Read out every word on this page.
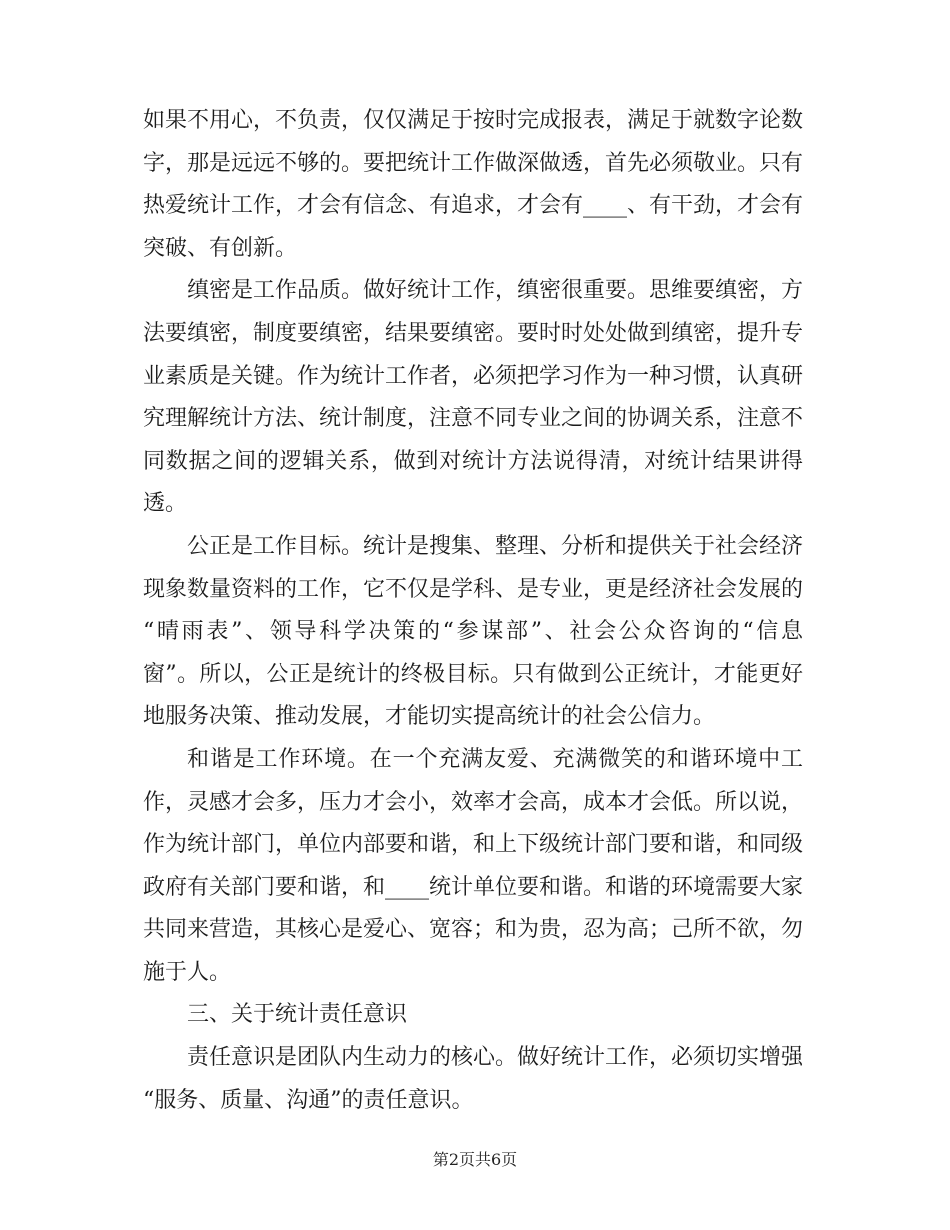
如果不用心，不负责，仅仅满足于按时完成报表，满足于就数字论数
字，那是远远不够的。要把统计工作做深做透，首先必须敬业。只有
热爱统计工作，才会有信念、有追求，才会有____、有干劲，才会有
突破、有创新。
缜密是工作品质。做好统计工作，缜密很重要。思维要缜密，方
法要缜密，制度要缜密，结果要缜密。要时时处处做到缜密，提升专
业素质是关键。作为统计工作者，必须把学习作为一种习惯，认真研
究理解统计方法、统计制度，注意不同专业之间的协调关系，注意不
同数据之间的逻辑关系，做到对统计方法说得清，对统计结果讲得
透。
公正是工作目标。统计是搜集、整理、分析和提供关于社会经济
现象数量资料的工作，它不仅是学科、是专业，更是经济社会发展的
“晴雨表”、领导科学决策的“参谋部”、社会公众咨询的“信息
窗”。所以，公正是统计的终极目标。只有做到公正统计，才能更好
地服务决策、推动发展，才能切实提高统计的社会公信力。
和谐是工作环境。在一个充满友爱、充满微笑的和谐环境中工
作，灵感才会多，压力才会小，效率才会高，成本才会低。所以说，
作为统计部门，单位内部要和谐，和上下级统计部门要和谐，和同级
政府有关部门要和谐，和____统计单位要和谐。和谐的环境需要大家
共同来营造，其核心是爱心、宽容；和为贵，忍为高；己所不欲，勿
施于人。
三、关于统计责任意识
责任意识是团队内生动力的核心。做好统计工作，必须切实增强
“服务、质量、沟通”的责任意识。
第2页共6页
